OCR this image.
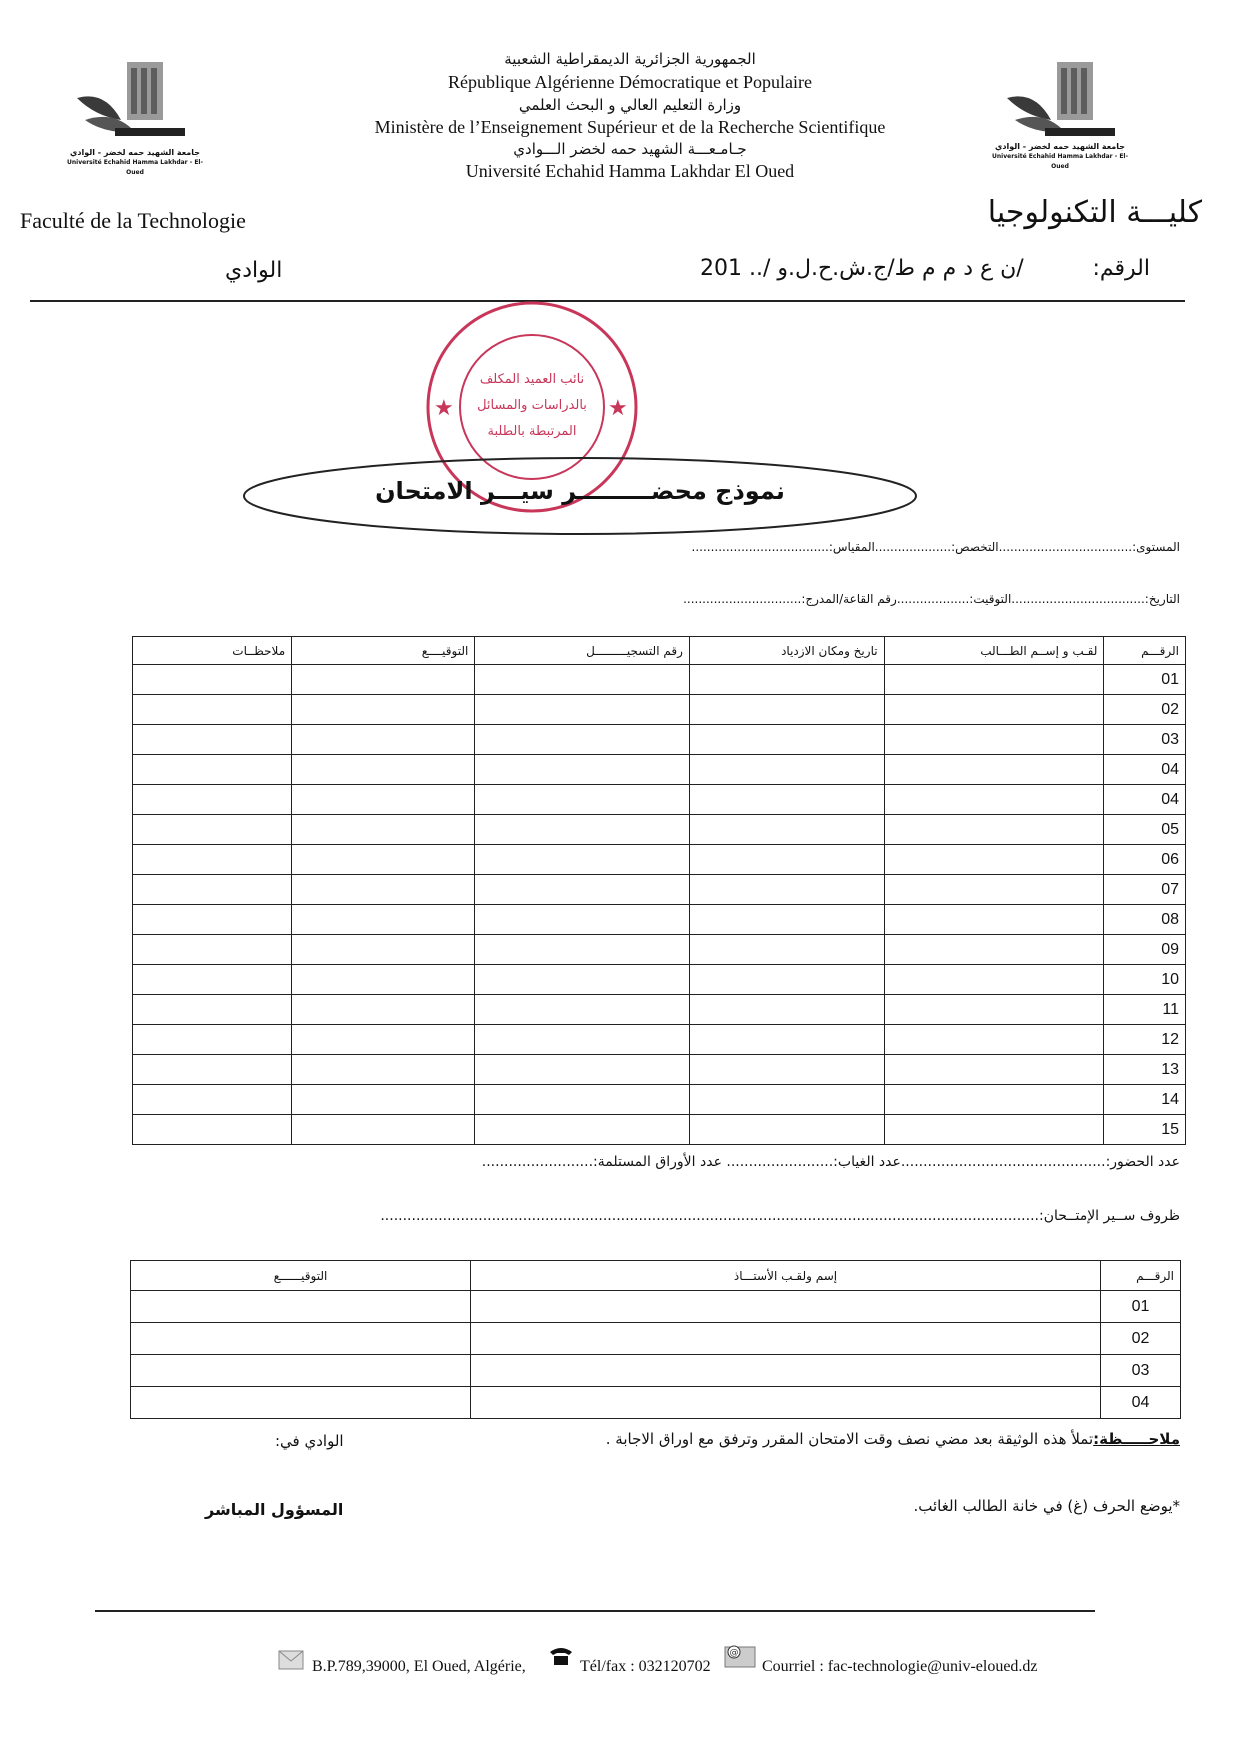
جامعة الشهيد حمه لخضر - الوادي
Université Echahid Hamma Lakhdar - El-Oued
جامعة الشهيد حمه لخضر - الوادي
Université Echahid Hamma Lakhdar - El-Oued
الجمهورية الجزائرية الديمقراطية الشعبية
République Algérienne Démocratique et Populaire
وزارة التعليم العالي و البحث العلمي
Ministère de l’Enseignement Supérieur et de la Recherche Scientifique
جـامـعـــة الشهيد حمه لخضر الـــوادي
Université Echahid Hamma Lakhdar El Oued
Faculté de la Technologie	كليـــة التكنولوجيا
الوادي	/ن ع د م م ط/ج.ش.ح.ل.و /.. 201	الرقم:
★	★
نائب العميد المكلف
بالدراسات والمسائل
المرتبطة بالطلبة
نموذج محضـــــــــر سيـــر الامتحان
المستوى:...................................التخصص:....................المقياس:....................................
التاريخ:...................................التوقيت:...................رقم القاعة/المدرج:...............................
الرقـــم	لقـب و إســم الطـــالب	تاريخ ومكان الازدياد	رقم التسجيـــــــــل	التوقيــــع	ملاحظــات
01					
02					
03					
04					
04					
05					
06					
07					
08					
09					
10					
11					
12					
13					
14					
15					
عدد الحضور:..............................................عدد الغياب:........................ عدد الأوراق المستلمة:.........................
ظروف ســير الإمتــحان:....................................................................................................................................................
الرقـــم	إسم ولقـب الأستـــاذ	التوقيــــــع
01		
02		
03		
04		
ملاحـــــظة:تملأ هذه الوثيقة بعد مضي نصف وقت الامتحان المقرر وترفق مع اوراق الاجابة .
الوادي في:
*يوضع الحرف (غ) في خانة الطالب الغائب.
المسؤول المباشر
B.P.789,39000, El Oued, Algérie,	Tél/fax : 032120702
@
Courriel : fac-technologie@univ-eloued.dz
